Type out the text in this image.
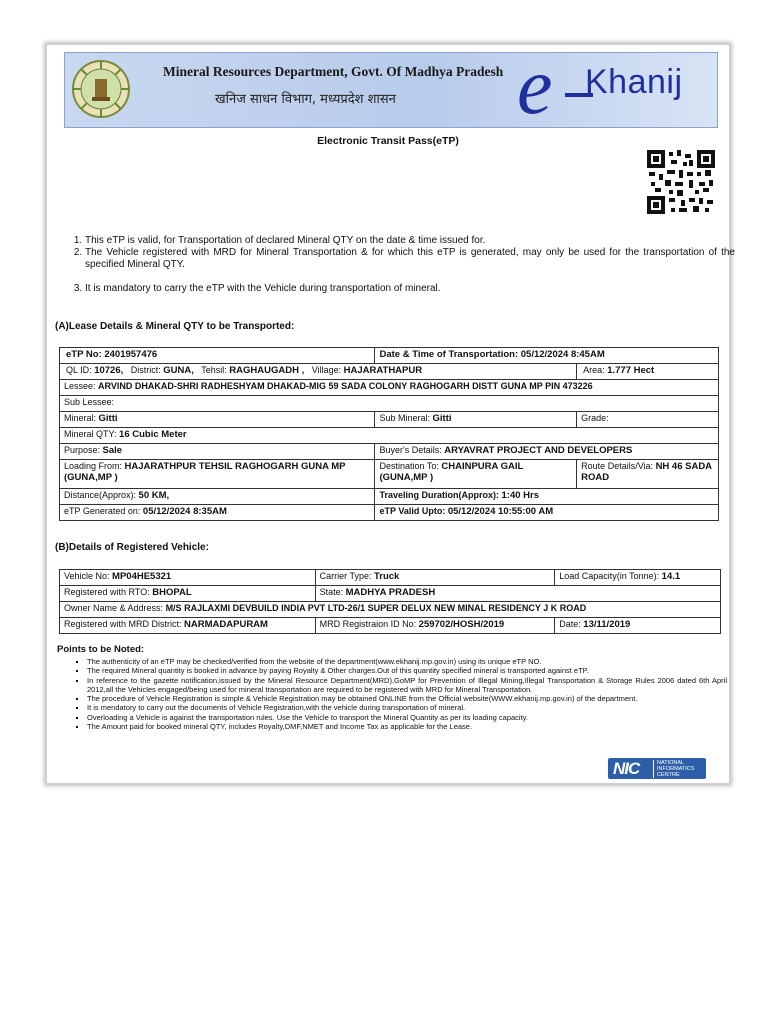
Mineral Resources Department, Govt. Of Madhya Pradesh
खनिज साधन विभाग, मध्यप्रदेश शासन e Khanij
Electronic Transit Pass(eTP)
1. This eTP is valid, for Transportation of declared Mineral QTY on the date & time issued for.
2. The Vehicle registered with MRD for Mineral Transportation & for which this eTP is generated, may only be used for the transportation of the specified Mineral QTY.
3. It is mandatory to carry the eTP with the Vehicle during transportation of mineral.
(A)Lease Details & Mineral QTY to be Transported:
eTP No: 2401957476	Date & Time of Transportation: 05/12/2024 8:45AM	
QL ID: 10726, District: GUNA, Tehsil: RAGHAUGADH , Village: HAJARATHAPUR		Area: 1.777 Hect
Lessee: ARVIND DHAKAD-SHRI RADHESHYAM DHAKAD-MIG 59 SADA COLONY RAGHOGARH DISTT GUNA MP PIN 473226		
Sub Lessee:		
Mineral: Gitti	Sub Mineral: Gitti	Grade:
Mineral QTY: 16 Cubic Meter		
Purpose: Sale	Buyer's Details: ARYAVRAT PROJECT AND DEVELOPERS	
Loading From: HAJARATHPUR TEHSIL RAGHOGARH GUNA MP (GUNA,MP )	Destination To: CHAINPURA GAIL (GUNA,MP )	Route Details/Via: NH 46 SADA ROAD
Distance(Approx): 50 KM,	Traveling Duration(Approx): 1:40 Hrs	
eTP Generated on: 05/12/2024 8:35AM	eTP Valid Upto: 05/12/2024 10:55:00 AM	
(B)Details of Registered Vehicle:
Vehicle No: MP04HE5321	Carrier Type: Truck	Load Capacity(in Tonne): 14.1
Registered with RTO: BHOPAL	State: MADHYA PRADESH	
Owner Name & Address: M/S RAJLAXMI DEVBUILD INDIA PVT LTD-26/1 SUPER DELUX NEW MINAL RESIDENCY J K ROAD		
Registered with MRD District: NARMADAPURAM	MRD Registraion ID No: 259702/HOSH/2019	Date: 13/11/2019
Points to be Noted:
▪ The authenticity of an eTP may be checked/verified from the website of the department(www.ekhanij.mp.gov.in) using its unique eTP NO.
▪ The required Mineral quantity is booked in advance by paying Royalty & Other charges.Out of this quantity specified mineral is transported against eTP.
▪ In reference to the gazette notification,issued by the Mineral Resource Department(MRD),GoMP for Prevention of Illegal Mining,Illegal Transportation & Storage Rules 2006 dated 6th April 2012,all the Vehicles engaged/being used for mineral transportation are required to be registered with MRD for Mineral Transportation.
▪ The procedure of Vehicle Registration is simple & Vehicle Registration may be obtained ONLINE from the Official website(WWW.ekhanij.mp.gov.in) of the department.
▪ It is mendatory to carry out the documents of Vehicle Registration,with the vehicle during transportation of mineral.
▪ Overloading a Vehicle is against the transportation rules. Use the Vehicle to transport the Mineral Quantity as per its loading capacity.
▪ The Amount paid for booked mineral QTY, includes Royalty,DMF,NMET and Income Tax as applicable for the Lease.
NIC	NATIONAL
INFORMATICS
CENTRE
